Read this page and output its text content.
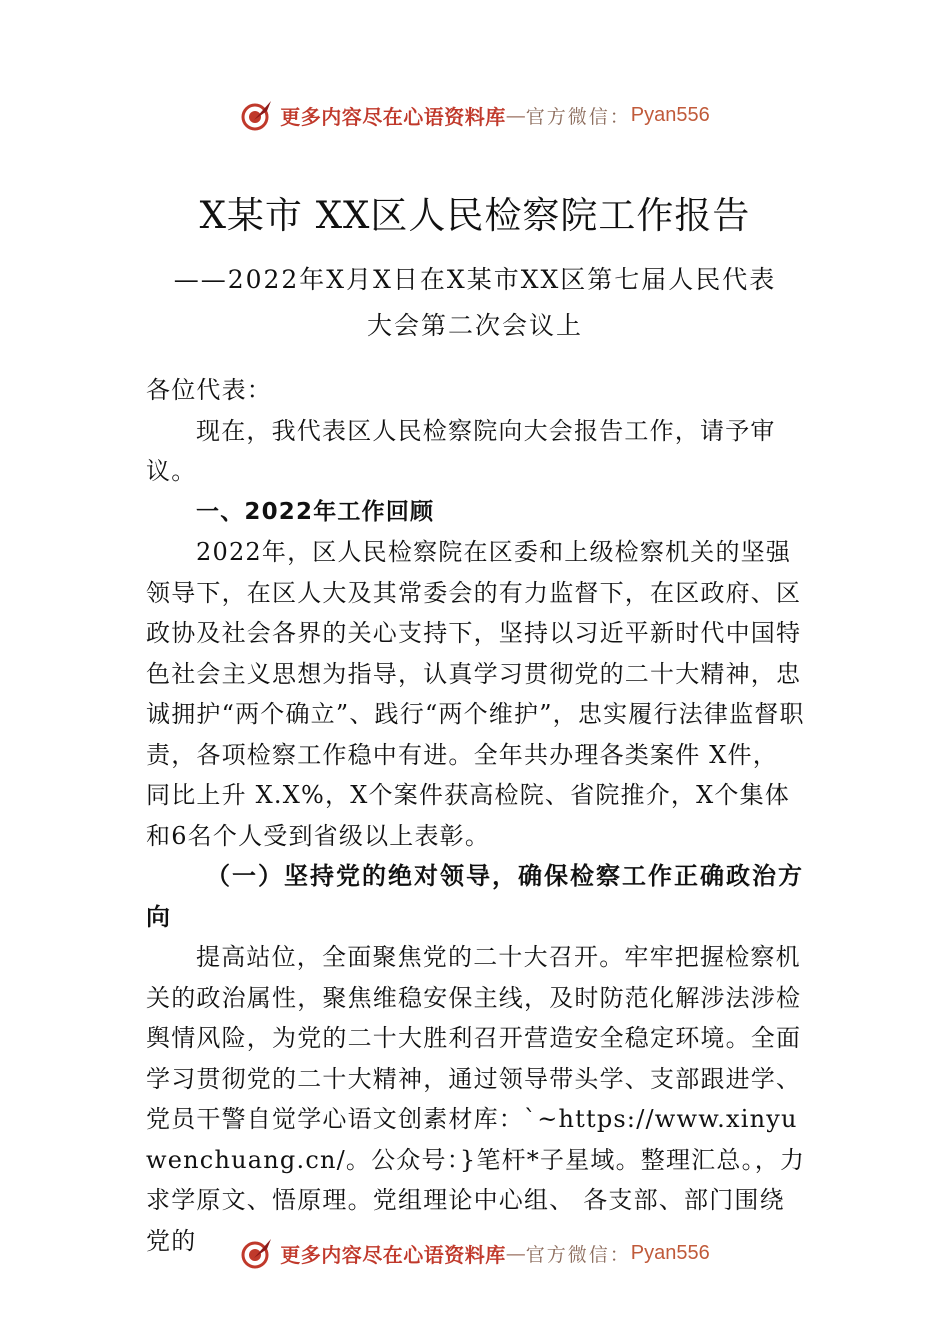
更多内容尽在心语资料库 — 官方微信： Pyan556
X某市 XX区人民检察院工作报告
——2022年X月X日在X某市XX区第七届人民代表
大会第二次会议上

各位代表：

现在，我代表区人民检察院向大会报告工作，请予审议。

一、2022年工作回顾

2022年，区人民检察院在区委和上级检察机关的坚强领导下，在区人大及其常委会的有力监督下，在区政府、区政协及社会各界的关心支持下，坚持以习近平新时代中国特色社会主义思想为指导，认真学习贯彻党的二十大精神，忠诚拥护“两个确立”、践行“两个维护”，忠实履行法律监督职责，各项检察工作稳中有进。全年共办理各类案件 X件， 同比上升 X.X%，X个案件获高检院、省院推介，X个集体和6名个人受到省级以上表彰。

（一）坚持党的绝对领导，确保检察工作正确政治方向

提高站位，全面聚焦党的二十大召开。牢牢把握检察机关的政治属性，聚焦维稳安保主线，及时防范化解涉法涉检舆情风险，为党的二十大胜利召开营造安全稳定环境。全面学习贯彻党的二十大精神，通过领导带头学、支部跟进学、党员干警自觉学心语文创素材库：`~https://www.xinyuwenchuang.cn/。公众号：}笔杆*子星域。整理汇总。，力求学原文、悟原理。党组理论中心组、 各支部、部门围绕党的	更多内容尽在心语资料库 — 官方微信： Pyan556
